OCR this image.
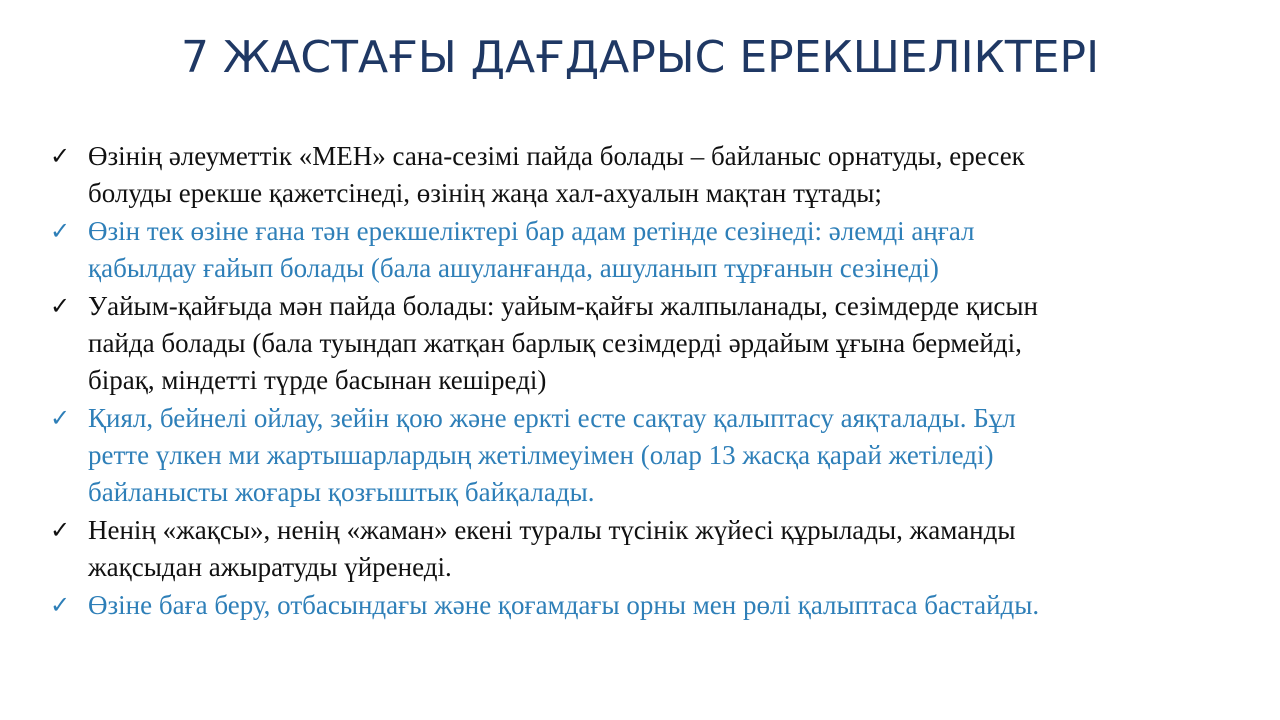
7 ЖАСТАҒЫ ДАҒДАРЫС ЕРЕКШЕЛІКТЕРІ
✓ Өзінің әлеуметтік «МЕН» сана-сезімі пайда болады – байланыс орнатуды, ересек
болуды ерекше қажетсінеді, өзінің жаңа хал-ахуалын мақтан тұтады;
✓ Өзін тек өзіне ғана тән ерекшеліктері бар адам ретінде сезінеді: әлемді аңғал
қабылдау ғайып болады (бала ашуланғанда, ашуланып тұрғанын сезінеді)
✓ Уайым-қайғыда мән пайда болады: уайым-қайғы жалпыланады, сезімдерде қисын
пайда болады (бала туындап жатқан барлық сезімдерді әрдайым ұғына бермейді,
бірақ, міндетті түрде басынан кешіреді)
✓ Қиял, бейнелі ойлау, зейін қою және еркті есте сақтау қалыптасу аяқталады. Бұл
ретте үлкен ми жартышарлардың жетілмеуімен (олар 13 жасқа қарай жетіледі)
байланысты жоғары қозғыштық байқалады.
✓ Ненің «жақсы», ненің «жаман» екені туралы түсінік жүйесі құрылады, жаманды
жақсыдан ажыратуды үйренеді.
✓ Өзіне баға беру, отбасындағы және қоғамдағы орны мен рөлі қалыптаса бастайды.
